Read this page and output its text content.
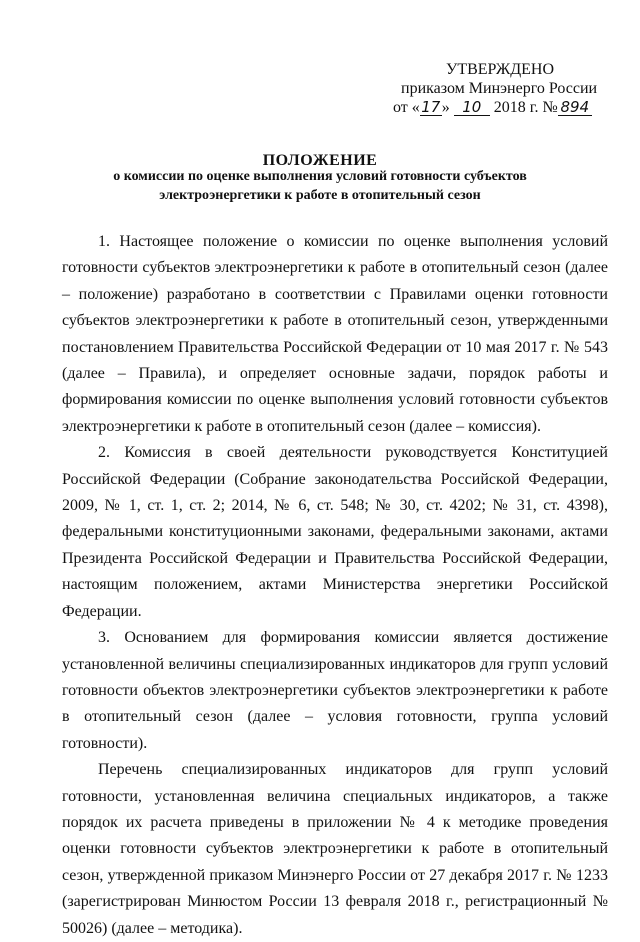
УТВЕРЖДЕНО
приказом Минэнерго России
от «17» 10 2018 г. № 894
ПОЛОЖЕНИЕ
о комиссии по оценке выполнения условий готовности субъектов электроэнергетики к работе в отопительный сезон

1. Настоящее положение о комиссии по оценке выполнения условий готовности субъектов электроэнергетики к работе в отопительный сезон (далее – положение) разработано в соответствии с Правилами оценки готовности субъектов электроэнергетики к работе в отопительный сезон, утвержденными постановлением Правительства Российской Федерации от 10 мая 2017 г. № 543 (далее – Правила), и определяет основные задачи, порядок работы и формирования комиссии по оценке выполнения условий готовности субъектов электроэнергетики к работе в отопительный сезон (далее – комиссия).

2. Комиссия в своей деятельности руководствуется Конституцией Российской Федерации (Собрание законодательства Российской Федерации, 2009, № 1, ст. 1, ст. 2; 2014, № 6, ст. 548; № 30, ст. 4202; № 31, ст. 4398), федеральными конституционными законами, федеральными законами, актами Президента Российской Федерации и Правительства Российской Федерации, настоящим положением, актами Министерства энергетики Российской Федерации.

3. Основанием для формирования комиссии является достижение установленной величины специализированных индикаторов для групп условий готовности объектов электроэнергетики субъектов электроэнергетики к работе в отопительный сезон (далее – условия готовности, группа условий готовности).

Перечень специализированных индикаторов для групп условий готовности, установленная величина специальных индикаторов, а также порядок их расчета приведены в приложении № 4 к методике проведения оценки готовности субъектов электроэнергетики к работе в отопительный сезон, утвержденной приказом Минэнерго России от 27 декабря 2017 г. № 1233 (зарегистрирован Минюстом России 13 февраля 2018 г., регистрационный № 50026) (далее – методика).
